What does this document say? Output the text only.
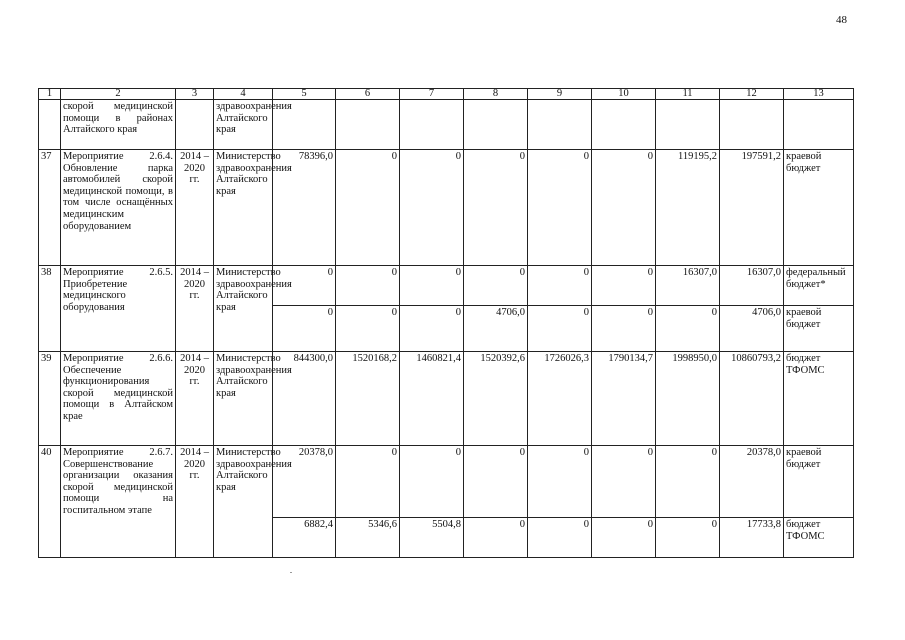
48
1	2	3	4	5	6	7	8	9	10	11	12	13
	скорой медицинской помощи в районах Алтайского края		здравоохранения Алтайского края									
37	Мероприятие 2.6.4. Обновление парка автомобилей скорой медицинской помощи, в том числе оснащённых медицинским оборудованием	2014 – 2020 гг.	Министерство здравоохранения Алтайского края	78396,0	0	0	0	0	0	119195,2	197591,2	краевой бюджет
38	Мероприятие 2.6.5. Приобретение медицинского оборудования	2014 – 2020 гг.	Министерство здравоохранения Алтайского края	0	0	0	0	0	0	16307,0	16307,0	федеральный бюджет*
				0	0	0	4706,0	0	0	0	4706,0	краевой бюджет
39	Мероприятие 2.6.6. Обеспечение функционирования скорой медицинской помощи в Алтайском крае	2014 – 2020 гг.	Министерство здравоохранения Алтайского края	844300,0	1520168,2	1460821,4	1520392,6	1726026,3	1790134,7	1998950,0	10860793,2	бюджет ТФОМС
40	Мероприятие 2.6.7. Совершенствование организации оказания скорой медицинской помощи на госпитальном этапе	2014 – 2020 гг.	Министерство здравоохранения Алтайского края	20378,0	0	0	0	0	0	0	20378,0	краевой бюджет
				6882,4	5346,6	5504,8	0	0	0	0	17733,8	бюджет ТФОМС
